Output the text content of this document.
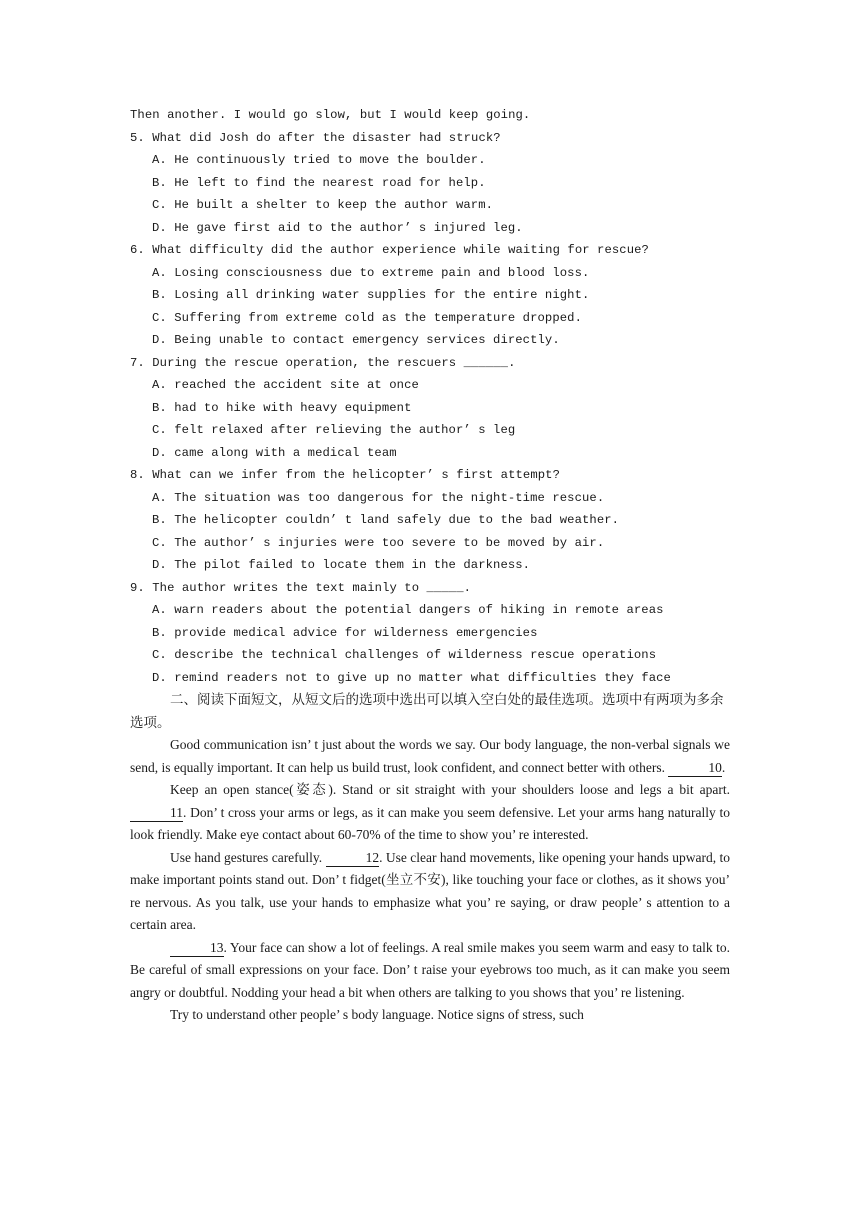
Then another. I would go slow, but I would keep going.
5. What did Josh do after the disaster had struck?
A. He continuously tried to move the boulder.
B. He left to find the nearest road for help.
C. He built a shelter to keep the author warm.
D. He gave first aid to the author’ s injured leg.
6. What difficulty did the author experience while waiting for rescue?
A. Losing consciousness due to extreme pain and blood loss.
B. Losing all drinking water supplies for the entire night.
C. Suffering from extreme cold as the temperature dropped.
D. Being unable to contact emergency services directly.
7. During the rescue operation, the rescuers ______.
A. reached the accident site at once
B. had to hike with heavy equipment
C. felt relaxed after relieving the author’ s leg
D. came along with a medical team
8. What can we infer from the helicopter’ s first attempt?
A. The situation was too dangerous for the night-time rescue.
B. The helicopter couldn’ t land safely due to the bad weather.
C. The author’ s injuries were too severe to be moved by air.
D. The pilot failed to locate them in the darkness.
9. The author writes the text mainly to _____.
A. warn readers about the potential dangers of hiking in remote areas
B. provide medical advice for wilderness emergencies
C. describe the technical challenges of wilderness rescue operations
D. remind readers not to give up no matter what difficulties they face
二、阅读下面短文，从短文后的选项中选出可以填入空白处的最佳选项。选项中有两项为多余选项。
Good communication isn’ t just about the words we say. Our body language, the non-verbal signals we send, is equally important. It can help us build trust, look confident, and connect better with others.	10.
Keep an open stance(姿态). Stand or sit straight with your shoulders loose and legs a bit apart. 11. Don’ t cross your arms or legs, as it can make you seem defensive. Let your arms hang naturally to look friendly. Make eye contact about 60-70% of the time to show you’ re interested.
Use hand gestures carefully.	12. Use clear hand movements, like opening your hands upward, to make important points stand out. Don’ t fidget(坐立不安), like touching your face or clothes, as it shows you’ re nervous. As you talk, use your hands to emphasize what you’ re saying, or draw people’ s attention to a certain area.
13. Your face can show a lot of feelings. A real smile makes you seem warm and easy to talk to. Be careful of small expressions on your face. Don’ t raise your eyebrows too much, as it can make you seem angry or doubtful. Nodding your head a bit when others are talking to you shows that you’ re listening.
Try to understand other people’ s body language. Notice signs of stress, such
